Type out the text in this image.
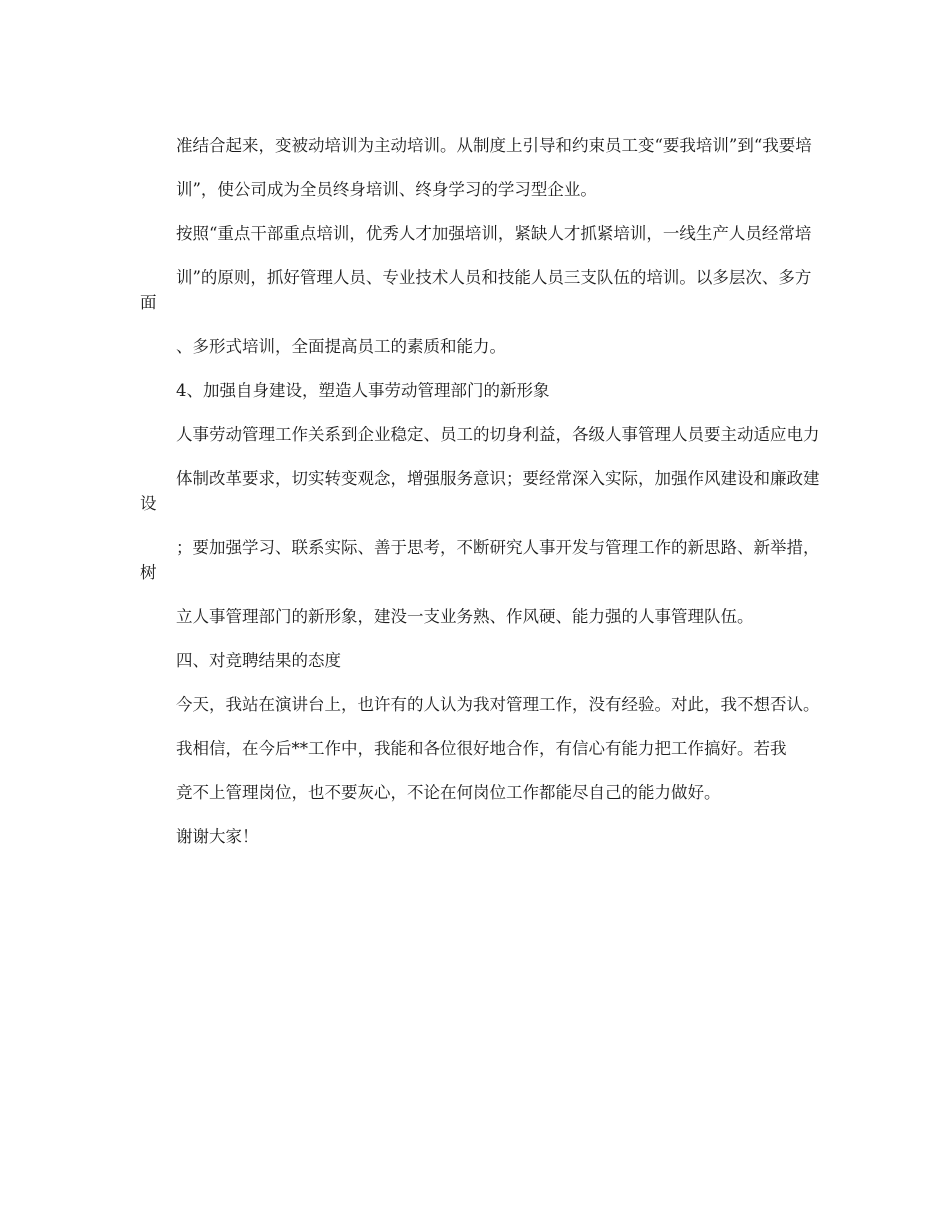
准结合起来，变被动培训为主动培训。从制度上引导和约束员工变“要我培训”到“我要培

训”，使公司成为全员终身培训、终身学习的学习型企业。

按照“重点干部重点培训，优秀人才加强培训，紧缺人才抓紧培训，一线生产人员经常培

训”的原则，抓好管理人员、专业技术人员和技能人员三支队伍的培训。以多层次、多方面

、多形式培训，全面提高员工的素质和能力。

4、加强自身建设，塑造人事劳动管理部门的新形象

人事劳动管理工作关系到企业稳定、员工的切身利益，各级人事管理人员要主动适应电力

体制改革要求，切实转变观念，增强服务意识；要经常深入实际，加强作风建设和廉政建设

；要加强学习、联系实际、善于思考，不断研究人事开发与管理工作的新思路、新举措，树

立人事管理部门的新形象，建没一支业务熟、作风硬、能力强的人事管理队伍。

四、对竞聘结果的态度

今天，我站在演讲台上，也许有的人认为我对管理工作，没有经验。对此，我不想否认。

我相信，在今后**工作中，我能和各位很好地合作，有信心有能力把工作搞好。若我

竞不上管理岗位，也不要灰心，不论在何岗位工作都能尽自己的能力做好。

谢谢大家！
